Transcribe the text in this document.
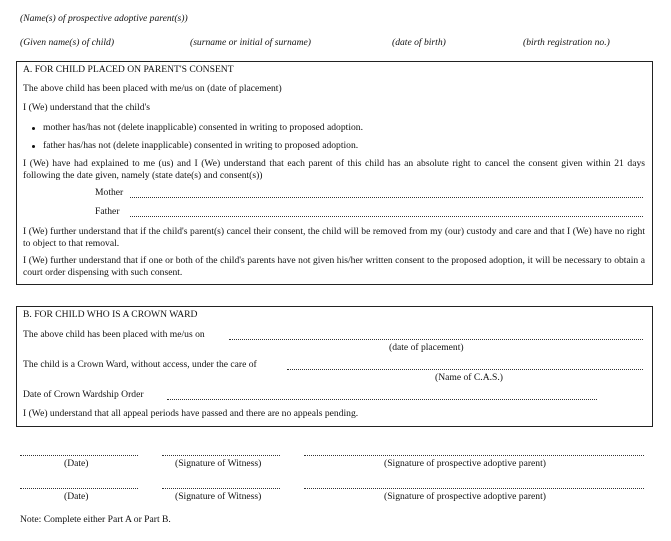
(Name(s) of prospective adoptive parent(s))
(Given name(s) of child)	(surname or initial of surname)	(date of birth)	(birth registration no.)
A. FOR CHILD PLACED ON PARENT'S CONSENT
The above child has been placed with me/us on (date of placement)
I (We) understand that the child's
mother has/has not (delete inapplicable) consented in writing to proposed adoption.
father has/has not (delete inapplicable) consented in writing to proposed adoption.
I (We) have had explained to me (us) and I (We) understand that each parent of this child has an absolute right to cancel the consent given within 21 days following the date given, namely (state date(s) and consent(s))
Mother
Father
I (We) further understand that if the child's parent(s) cancel their consent, the child will be removed from my (our) custody and care and that I (We) have no right to object to that removal.
I (We) further understand that if one or both of the child's parents have not given his/her written consent to the proposed adoption, it will be necessary to obtain a court order dispensing with such consent.
B. FOR CHILD WHO IS A CROWN WARD
The above child has been placed with me/us on
(date of placement)
The child is a Crown Ward, without access, under the care of
(Name of C.A.S.)
Date of Crown Wardship Order
I (We) understand that all appeal periods have passed and there are no appeals pending.
(Date)	(Signature of Witness)	(Signature of prospective adoptive parent)
(Date)	(Signature of Witness)	(Signature of prospective adoptive parent)
Note: Complete either Part A or Part B.
